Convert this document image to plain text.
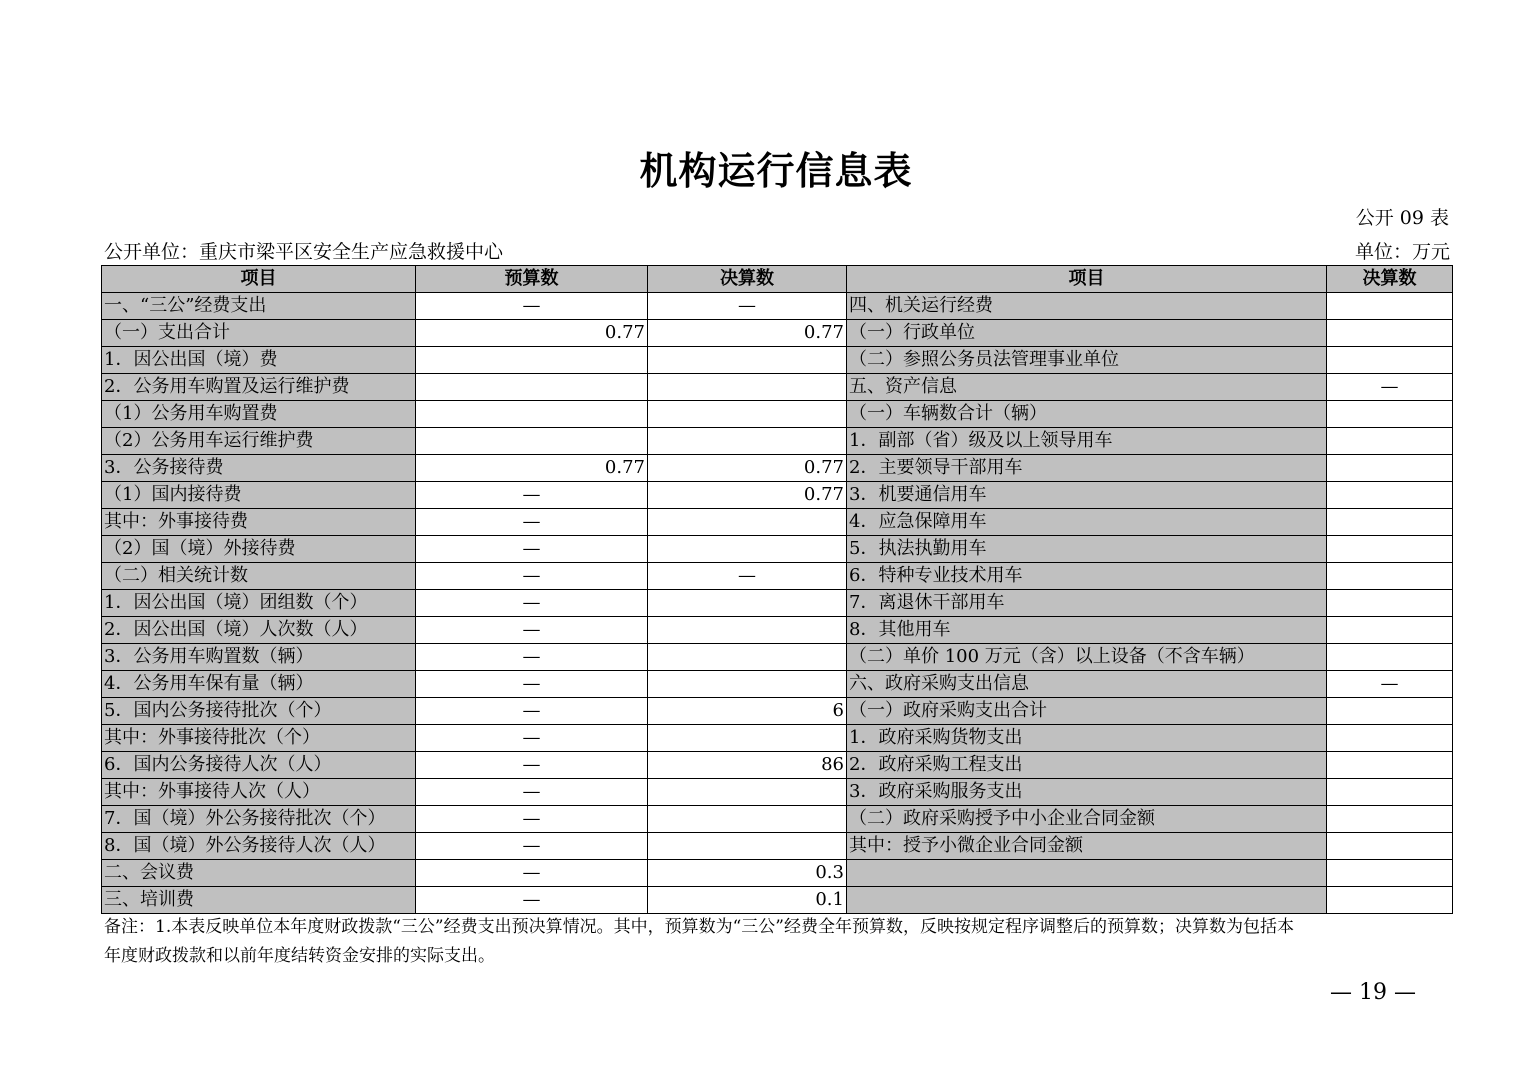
机构运行信息表
公开 09 表
公开单位：重庆市梁平区安全生产应急救援中心	单位：万元
项目	预算数	决算数	项目	决算数
一、“三公”经费支出	—	—	四、机关运行经费	
（一）支出合计	0.77	0.77	（一）行政单位	
1．因公出国（境）费			（二）参照公务员法管理事业单位	
2．公务用车购置及运行维护费			五、资产信息	—
（1）公务用车购置费			（一）车辆数合计（辆）	
（2）公务用车运行维护费			1．副部（省）级及以上领导用车	
3．公务接待费	0.77	0.77	2．主要领导干部用车	
（1）国内接待费	—	0.77	3．机要通信用车	
其中：外事接待费	—		4．应急保障用车	
（2）国（境）外接待费	—		5．执法执勤用车	
（二）相关统计数	—	—	6．特种专业技术用车	
1．因公出国（境）团组数（个）	—		7．离退休干部用车	
2．因公出国（境）人次数（人）	—		8．其他用车	
3．公务用车购置数（辆）	—		（二）单价 100 万元（含）以上设备（不含车辆）	
4．公务用车保有量（辆）	—		六、政府采购支出信息	—
5．国内公务接待批次（个）	—	6	（一）政府采购支出合计	
其中：外事接待批次（个）	—		1．政府采购货物支出	
6．国内公务接待人次（人）	—	86	2．政府采购工程支出	
其中：外事接待人次（人）	—		3．政府采购服务支出	
7．国（境）外公务接待批次（个）	—		（二）政府采购授予中小企业合同金额	
8．国（境）外公务接待人次（人）	—		其中：授予小微企业合同金额	
二、会议费	—	0.3		
三、培训费	—	0.1		
备注：1.本表反映单位本年度财政拨款“三公”经费支出预决算情况。其中，预算数为“三公”经费全年预算数，反映按规定程序调整后的预算数；决算数为包括本
年度财政拨款和以前年度结转资金安排的实际支出。
— 19 —
